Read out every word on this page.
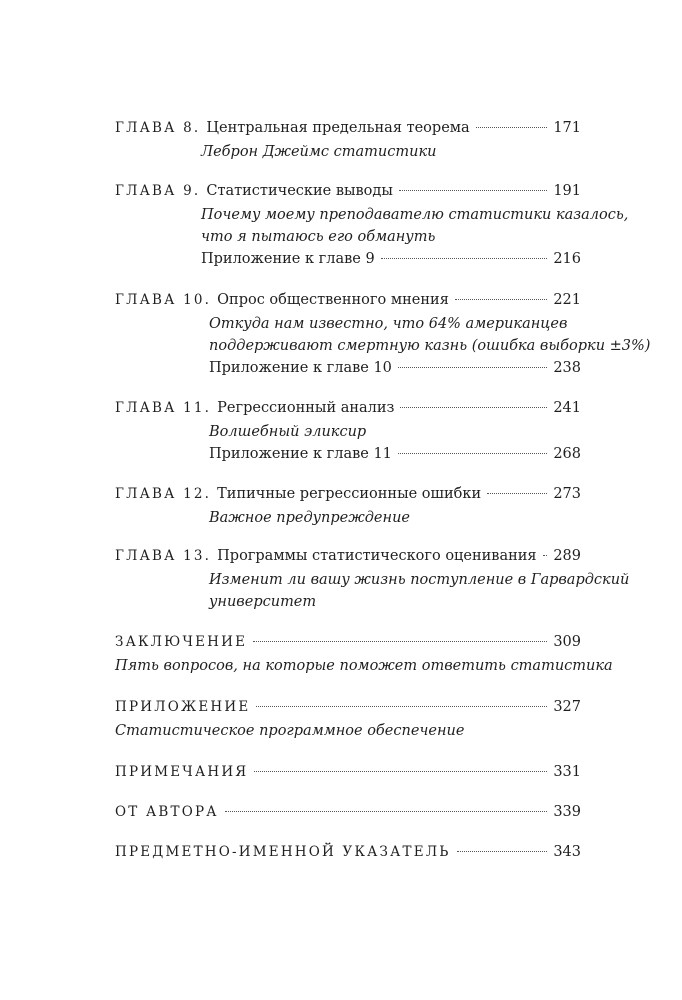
ГЛАВА 8. Центральная предельная теорема	171
Леброн Джеймс статистики
ГЛАВА 9. Статистические выводы	191
Почему моему преподавателю статистики казалось,
что я пытаюсь его обмануть
Приложение к главе 9	216
ГЛАВА 10. Опрос общественного мнения	221
Откуда нам известно, что 64% американцев
поддерживают смертную казнь (ошибка выборки ±3%)
Приложение к главе 10	238
ГЛАВА 11. Регрессионный анализ	241
Волшебный эликсир
Приложение к главе 11	268
ГЛАВА 12. Типичные регрессионные ошибки	273
Важное предупреждение
ГЛАВА 13. Программы статистического оценивания 289
Изменит ли вашу жизнь поступление в Гарвардский
университет
ЗАКЛЮЧЕНИЕ	309
Пять вопросов, на которые поможет ответить статистика
ПРИЛОЖЕНИЕ	327
Статистическое программное обеспечение
ПРИМЕЧАНИЯ	331
ОТ АВТОРА	339
ПРЕДМЕТНО-ИМЕННОЙ УКАЗАТЕЛЬ	343
